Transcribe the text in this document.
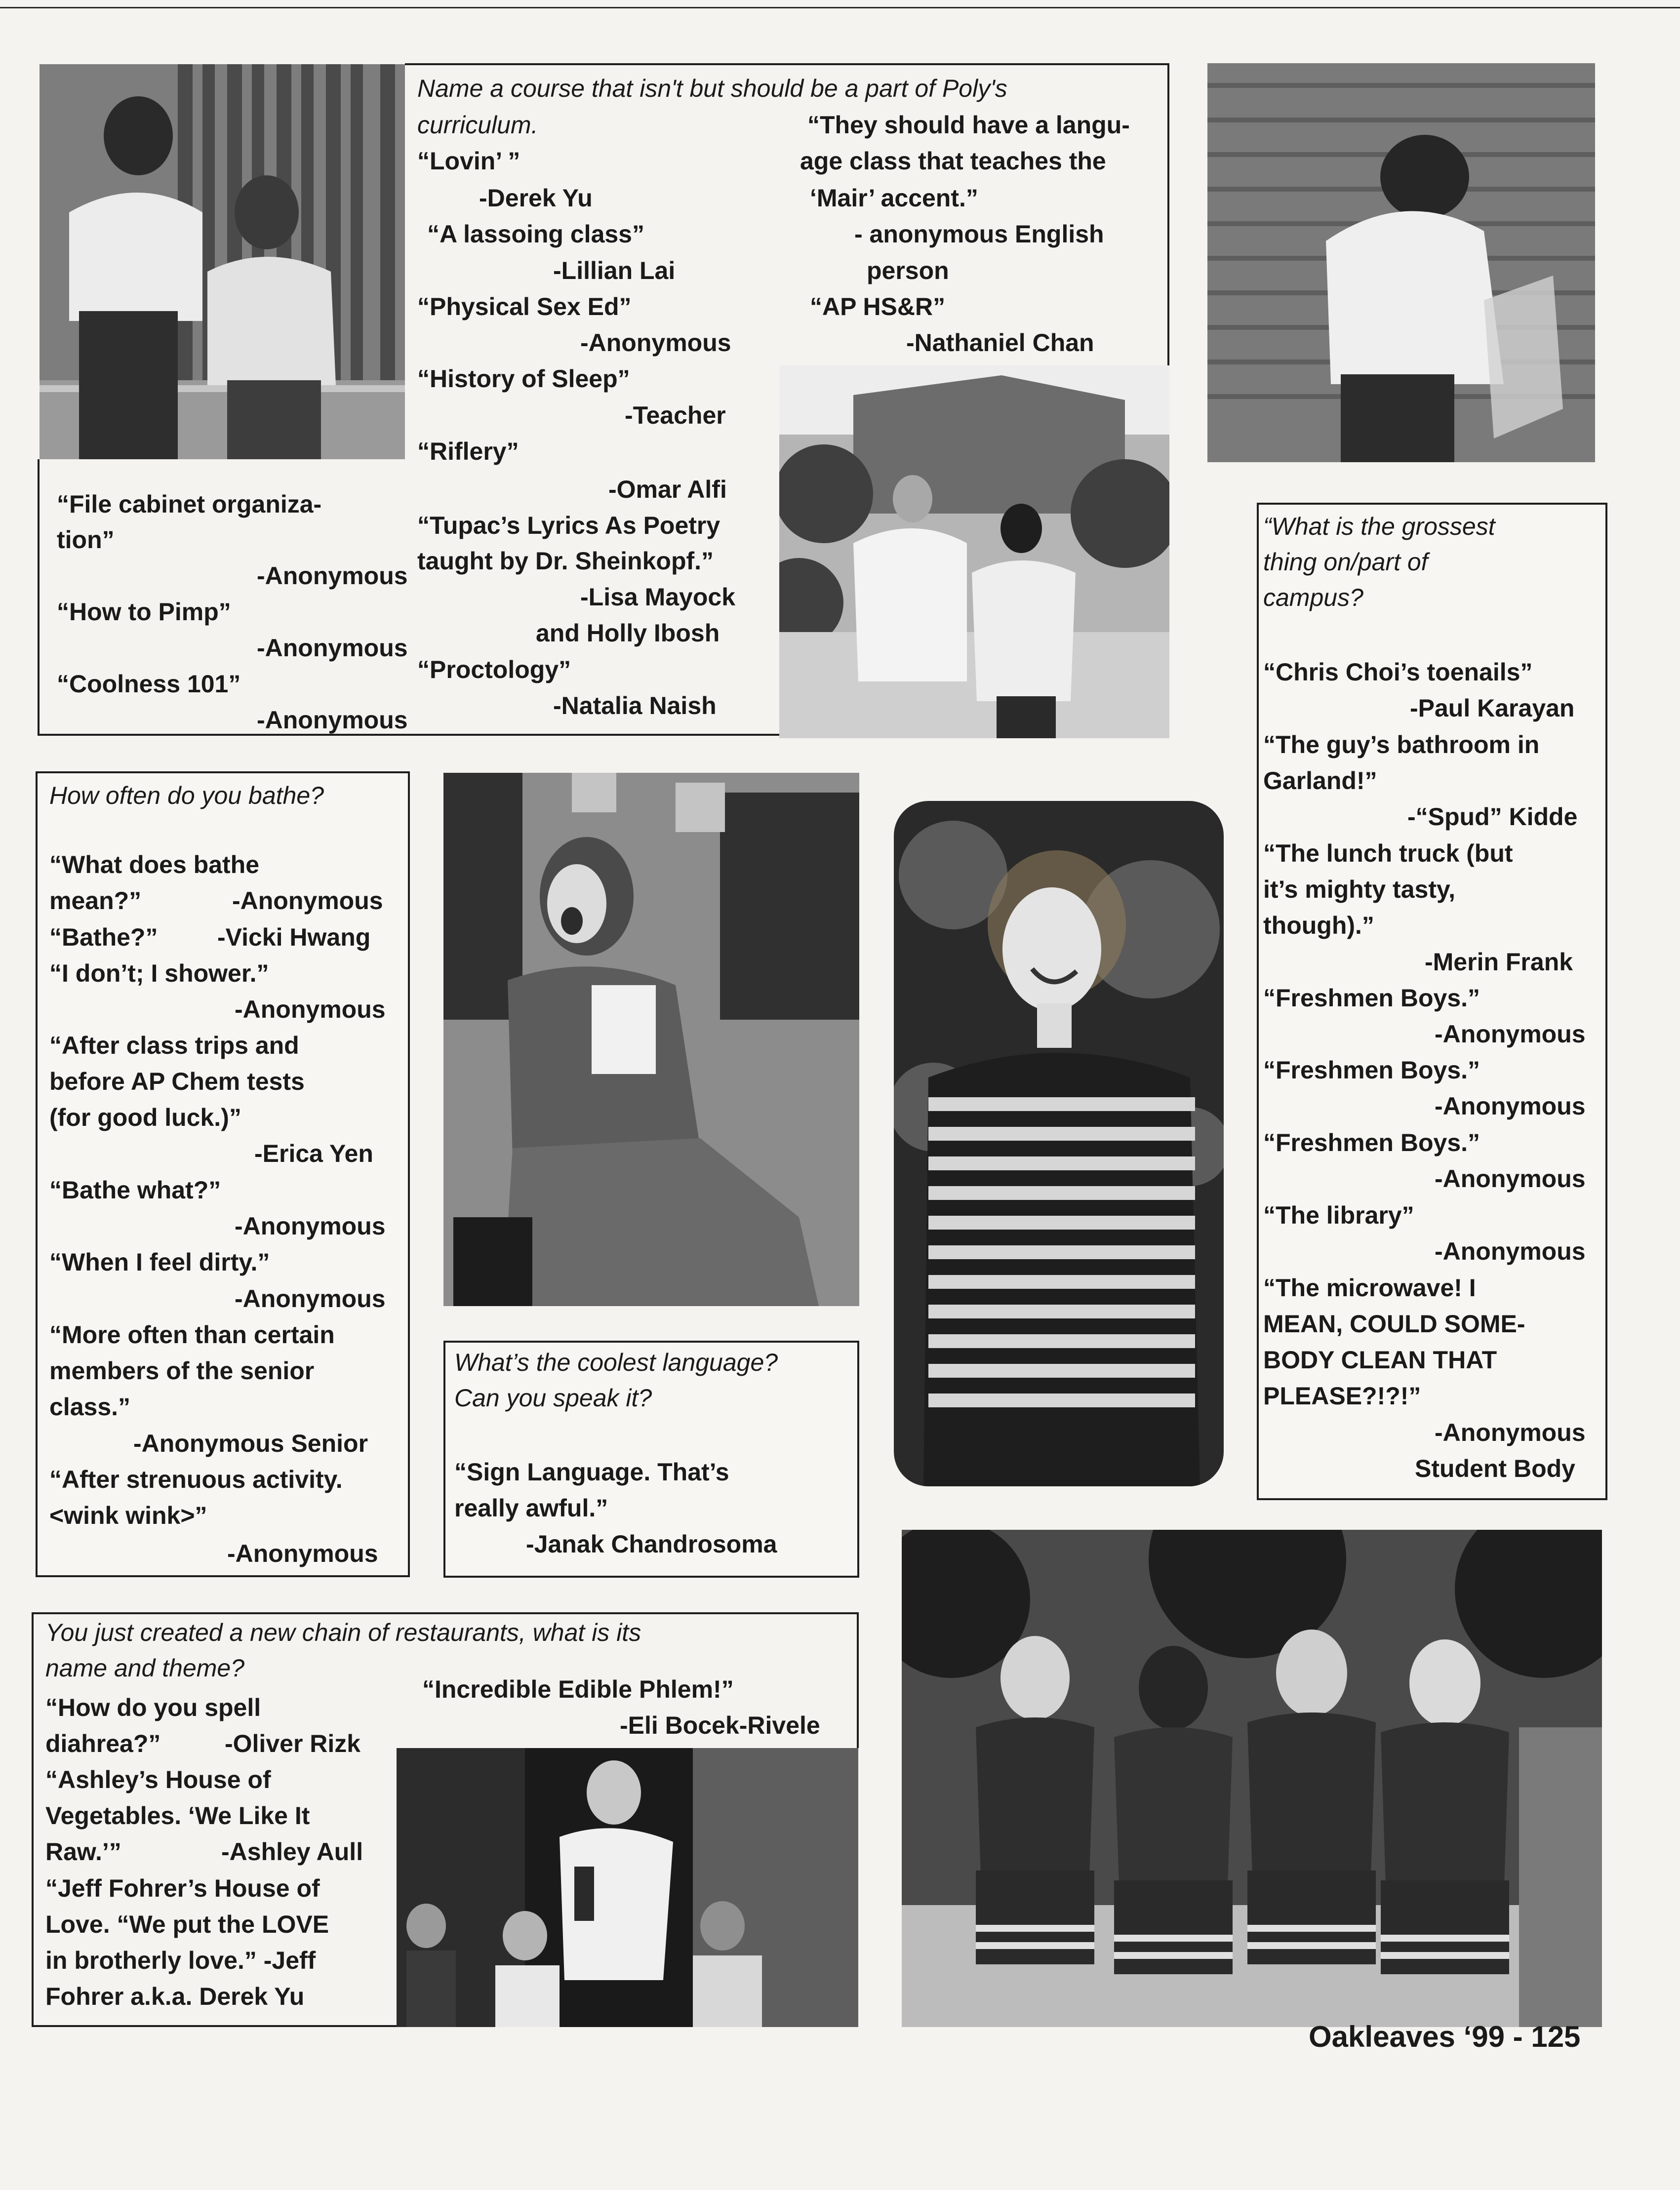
Name a course that isn't but should be a part of Poly's
curriculum.
“Lovin’ ”
-Derek Yu
“A lassoing class”
-Lillian Lai
“Physical Sex Ed”
-Anonymous
“History of Sleep”
-Teacher
“Riflery”
-Omar Alfi
“Tupac’s Lyrics As Poetry
taught by Dr. Sheinkopf.”
-Lisa Mayock
and Holly Ibosh
“Proctology”
-Natalia Naish
“File cabinet organiza-
tion”
-Anonymous
“How to Pimp”
-Anonymous
“Coolness 101”
-Anonymous
“They should have a langu-
age class that teaches the
‘Mair’ accent.”
- anonymous English
person
“AP HS&R”
-Nathaniel Chan
“What is the grossest
thing on/part of
campus?
“Chris Choi’s toenails”
-Paul Karayan
“The guy’s bathroom in
Garland!”
-“Spud” Kidde
“The lunch truck (but
it’s mighty tasty,
though).”
-Merin Frank
“Freshmen Boys.”
-Anonymous
“Freshmen Boys.”
-Anonymous
“Freshmen Boys.”
-Anonymous
“The library”
-Anonymous
“The microwave! I
MEAN, COULD SOME-
BODY CLEAN THAT
PLEASE?!?!”
-Anonymous
Student Body
How often do you bathe?
“What does bathe
mean?”	-Anonymous
“Bathe?” -Vicki Hwang
“I don’t; I shower.”
-Anonymous
“After class trips and
before AP Chem tests
(for good luck.)”
-Erica Yen
“Bathe what?”
-Anonymous
“When I feel dirty.”
-Anonymous
“More often than certain
members of the senior
class.”
-Anonymous Senior
“After strenuous activity.
<wink wink>”
-Anonymous
What’s the coolest language?
Can you speak it?
“Sign Language. That’s
really awful.”
-Janak Chandrosoma
You just created a new chain of restaurants, what is its
name and theme?
“How do you spell
diahrea?”	-Oliver Rizk
“Ashley’s House of
Vegetables. ‘We Like It
Raw.’”	-Ashley Aull
“Jeff Fohrer’s House of
Love. “We put the LOVE
in brotherly love.” -Jeff
Fohrer a.k.a. Derek Yu
“Incredible Edible Phlem!”
-Eli Bocek-Rivele
Oakleaves ‘99 - 125
